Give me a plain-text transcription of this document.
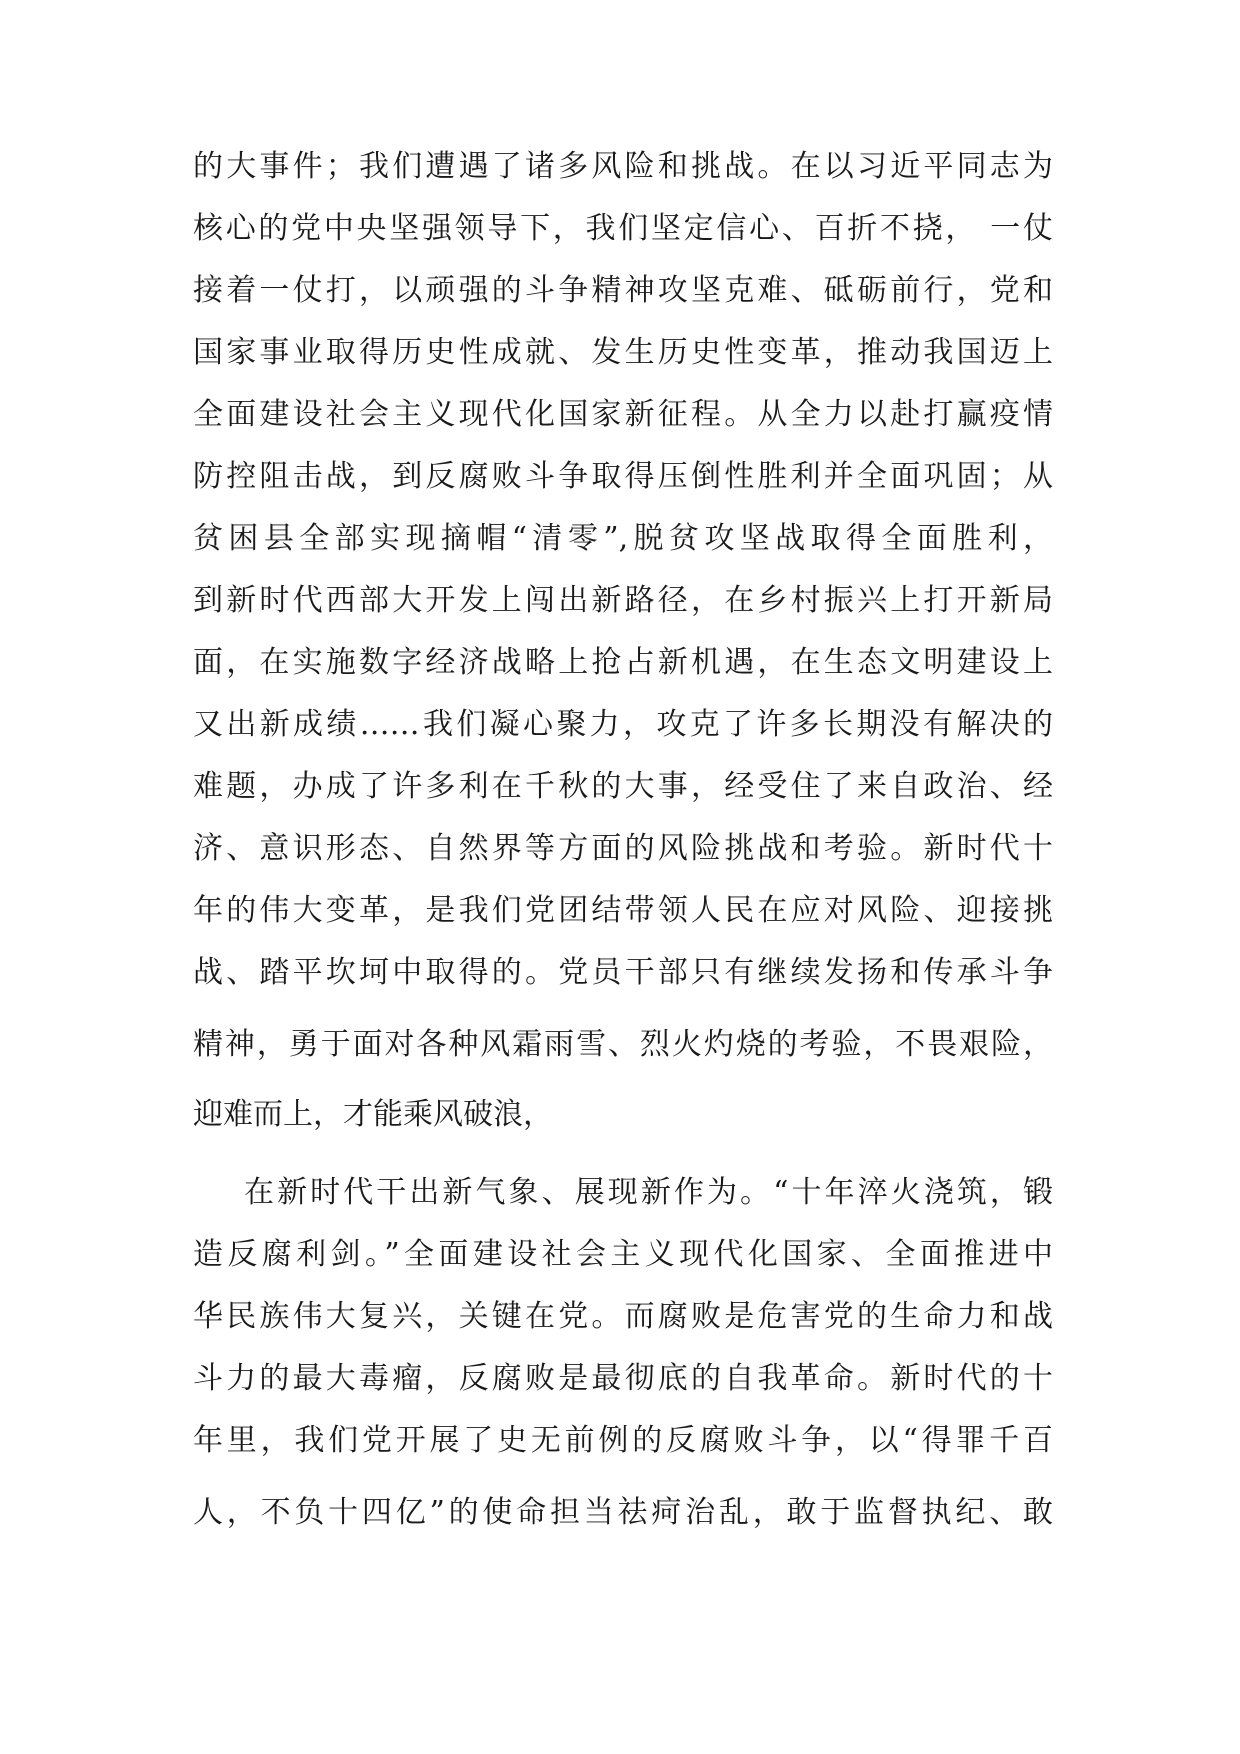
的大事件；我们遭遇了诸多风险和挑战。在以习近平同志为
核心的党中央坚强领导下，我们坚定信心、百折不挠， 一仗
接着一仗打，以顽强的斗争精神攻坚克难、砥砺前行，党和
国家事业取得历史性成就、发生历史性变革，推动我国迈上
全面建设社会主义现代化国家新征程。从全力以赴打赢疫情
防控阻击战，到反腐败斗争取得压倒性胜利并全面巩固；从
贫困县全部实现摘帽“清零”,脱贫攻坚战取得全面胜利，
到新时代西部大开发上闯出新路径，在乡村振兴上打开新局
面，在实施数字经济战略上抢占新机遇，在生态文明建设上
又出新成绩……我们凝心聚力，攻克了许多长期没有解决的
难题，办成了许多利在千秋的大事，经受住了来自政治、经
济、意识形态、自然界等方面的风险挑战和考验。新时代十
年的伟大变革，是我们党团结带领人民在应对风险、迎接挑
战、踏平坎坷中取得的。党员干部只有继续发扬和传承斗争
精神，勇于面对各种风霜雨雪、烈火灼烧的考验，不畏艰险，
迎难而上，才能乘风破浪，
在新时代干出新气象、展现新作为。“十年淬火浇筑，锻
造反腐利剑。”全面建设社会主义现代化国家、全面推进中
华民族伟大复兴，关键在党。而腐败是危害党的生命力和战
斗力的最大毒瘤，反腐败是最彻底的自我革命。新时代的十
年里，我们党开展了史无前例的反腐败斗争，以“得罪千百
人，不负十四亿”的使命担当祛疴治乱，敢于监督执纪、敢
